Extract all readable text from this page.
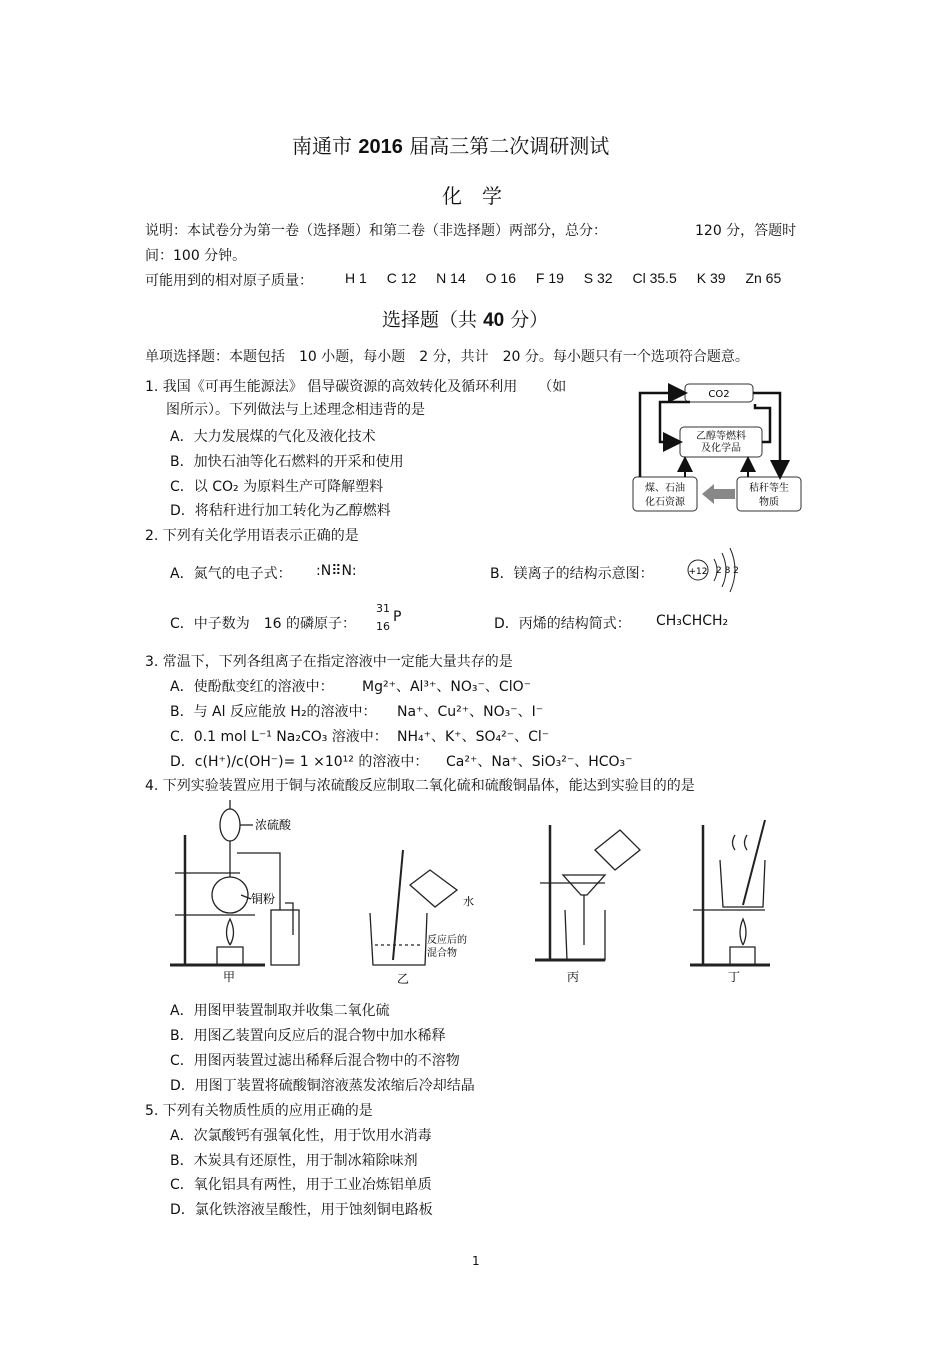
南通市 2016 届高三第二次调研测试
化　学
说明：本试卷分为第一卷（选择题）和第二卷（非选择题）两部分，总分：	120 分，答题时
间：100 分钟。
可能用到的相对原子质量： H 1 C 12 N 14 O 16 F 19 S 32 Cl 35.5 K 39 Zn 65
选择题（共 40 分）
单项选择题：本题包括　10 小题，每小题　2 分，共计　20 分。每小题只有一个选项符合题意。
1. 我国《可再生能源法》 倡导碳资源的高效转化及循环利用　　（如
图所示）。下列做法与上述理念相违背的是
A．大力发展煤的气化及液化技术
B．加快石油等化石燃料的开采和使用
C．以 CO₂ 为原料生产可降解塑料
D．将秸秆进行加工转化为乙醇燃料
CO2
乙醇等燃料
及化学品
煤、石油
化石资源
秸秆等生
物质
2. 下列有关化学用语表示正确的是
A．氮气的电子式： :N⠿N:	B．镁离子的结构示意图：	+12 2 8 2
C．中子数为　16 的磷原子：
31
16
P	D．丙烯的结构简式： CH₃CHCH₂
3. 常温下，下列各组离子在指定溶液中一定能大量共存的是
A．使酚酞变红的溶液中： Mg²⁺、Al³⁺、NO₃⁻、ClO⁻
B．与 Al 反应能放 H₂的溶液中： Na⁺、Cu²⁺、NO₃⁻、I⁻
C．0.1 mol L⁻¹ Na₂CO₃ 溶液中： NH₄⁺、K⁺、SO₄²⁻、Cl⁻
D．c(H⁺)/c(OH⁻)= 1 ×10¹² 的溶液中： Ca²⁺、Na⁺、SiO₃²⁻、HCO₃⁻
4. 下列实验装置应用于铜与浓硫酸反应制取二氧化硫和硫酸铜晶体，能达到实验目的的是
浓硫酸
铜粉	水
反应后的
混合物
甲	乙	丙	丁
A．用图甲装置制取并收集二氧化硫
B．用图乙装置向反应后的混合物中加水稀释
C．用图丙装置过滤出稀释后混合物中的不溶物
D．用图丁装置将硫酸铜溶液蒸发浓缩后冷却结晶
5. 下列有关物质性质的应用正确的是
A．次氯酸钙有强氧化性，用于饮用水消毒
B．木炭具有还原性，用于制冰箱除味剂
C．氧化铝具有两性，用于工业冶炼铝单质
D．氯化铁溶液呈酸性，用于蚀刻铜电路板
1
